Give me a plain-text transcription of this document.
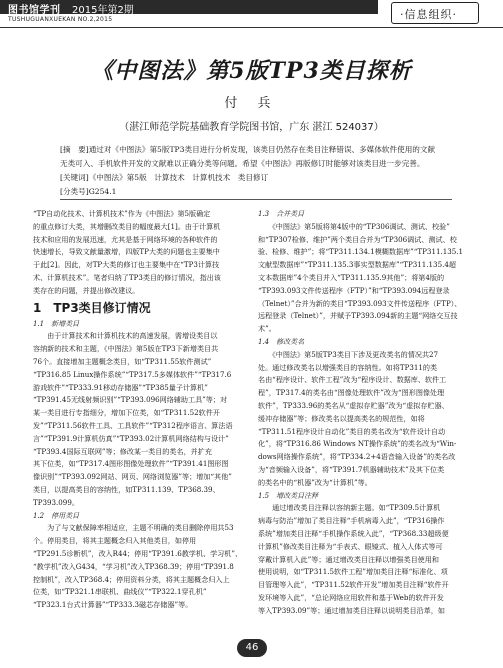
图书馆学刊 2015年第2期
TUSHUGUANXUEKAN NO.2,2015	·信息组织·
《中图法》第5版TP3类目探析
付 兵
（湛江师范学院基础教育学院图书馆，广东 湛江 524037）

[摘　要]通过对《中图法》第5版TP3类目进行分析发现，该类目仍然存在类目注释错误、多媒体软件使用的文献

无类可入、手机软件开发的文献难以正确分类等问题。希望《中图法》再版修订时能够对该类目进一步完善。

[关键词]《中图法》第5版　计算技术　计算机技术　类目修订

[分类号]G254.1

“TP自动化技术、计算机技术”作为《中图法》第5版确定

的重点修订大类，其增删改类目的幅度最大[1]。由于计算机

技术和应用的发展迅速，尤其是基于网络环境的各种软件的

快速增长，导致文献量激增，四版TP大类的问题也主要集中

于此[2]。因此，对TP大类的修订也主要集中在“TP3计算技

术、计算机技术”。笔者归纳了TP3类目的修订情况，指出该

类存在的问题，并提出修改建议。

1　TP3类目修订情况

1.1　新增类目

　　由于计算技术和计算机技术的高速发展，需增设类目以

容纳新的技术和主题，《中图法》第5版在TP3下新增类目共

76个。直接增加主题概念类目，如“TP311.55软件测试”

“TP316.85 Linux操作系统”“TP317.5多媒体软件”“TP317.6

游戏软件”“TP333.91移动存储器”“TP385量子计算机”

“TP391.45无线射频识别”“TP393.096网络辅助工具”等；对

某一类目进行专指细分，增加下位类，如“TP311.52软件开

发”“TP311.56软件工具、工具软件”“TP312程序语言、算法语

言”“TP391.9计算机仿真”“TP393.02计算机网络结构与设计”

“TP393.4国际互联网”等；修改某一类目的类名，并扩充

其下位类，如“TP317.4图形图像处理软件”“TP391.41图形图

像识别”“TP393.092网站、网页、网络浏览器”等；增加“其他”

类目，以提高类目的容纳性，如TP311.139、TP368.39、

TP393.099。

1.2　停用类目

　　为了与文献保障率相适应，主题不明确的类目删除停用共53

个。停用类目，将其主题概念归入其他类目，如停用

“TP291.5诊断机”，改入R44；停用“TP391.6教学机、学习机”、

“教学机”改入G434，“学习机”改入TP368.39；停用“TP391.8

控制机”，改入TP368.4；停用资料分类，将其主题概念归入上

位类，如“TP321.1串联机、曲线仪”“TP322.1穿孔机”

“TP323.1台式计算器”“TP333.3磁芯存储器”等。

1.3　合并类目

　　《中图法》第5版将第4版中的“TP306调试、测试、校验”

和“TP307检修、维护”两个类目合并为“TP306调试、测试、校

验、检修、维护”；将“TP311.134.1模糊数据库”“TP311.135.1

文献型数据库”“TP311.135.3事实型数据库”“TP311.135.4超

文本数据库”4个类目并入“TP311.135.9其他”；将第4版的

“TP393.093文件传送程序（FTP）”和“TP393.094远程登录

（Telnet）”合并为新的类目“TP393.093文件传送程序（FTP）、

远程登录（Telnet）”，并赋予TP393.094新的主题“网络交互技

术”。

1.4　修改类名

　　《中图法》第5版TP3类目下涉及更改类名的情况共27

处。通过修改类名以增强类目的容纳性。如将TP311的类

名由“程序设计、软件工程”改为“程序设计、数据库、软件工

程”，TP317.4的类名由“图像处理软件”改为“图形图像处理

软件”，TP333.96的类名从“虚拟存贮器”改为“虚拟存贮器、

缓冲存储器”等；修改类名以提高类名的规范性，如将

“TP311.51程序设计自动化”类目的类名改为“软件设计自动

化”，将“TP316.86 Windows NT操作系统”的类名改为“Win-

dows网络操作系统”，将“TP334.2+4语音输入设备”的类名改

为“音频输入设备”，将“TP391.7机器辅助技术”及其下位类

的类名中的“机器”改为“计算机”等。

1.5　增改类目注释

　　通过增改类目注释以容纳新主题。如“TP309.5计算机

病毒与防治”增加了类目注释“手机病毒入此”，“TP316操作

系统”增加类目注释“手机操作系统入此”，“TP368.33超级便

计算机”修改类目注释为“手表式、眼镜式、植入人体式等可

穿戴计算机入此”等；通过增改类目注释以增强类目使用和

使用说明，如“TP311.5软件工程”增加类目注释“标准化、项

目管理等入此”，“TP311.52软件开发”增加类目注释“软件开

发环境等入此”，“总论网络应用软件和基于Web的软件开发

等入TP393.09”等；通过增加类目注释以说明类目沿革，如

46
